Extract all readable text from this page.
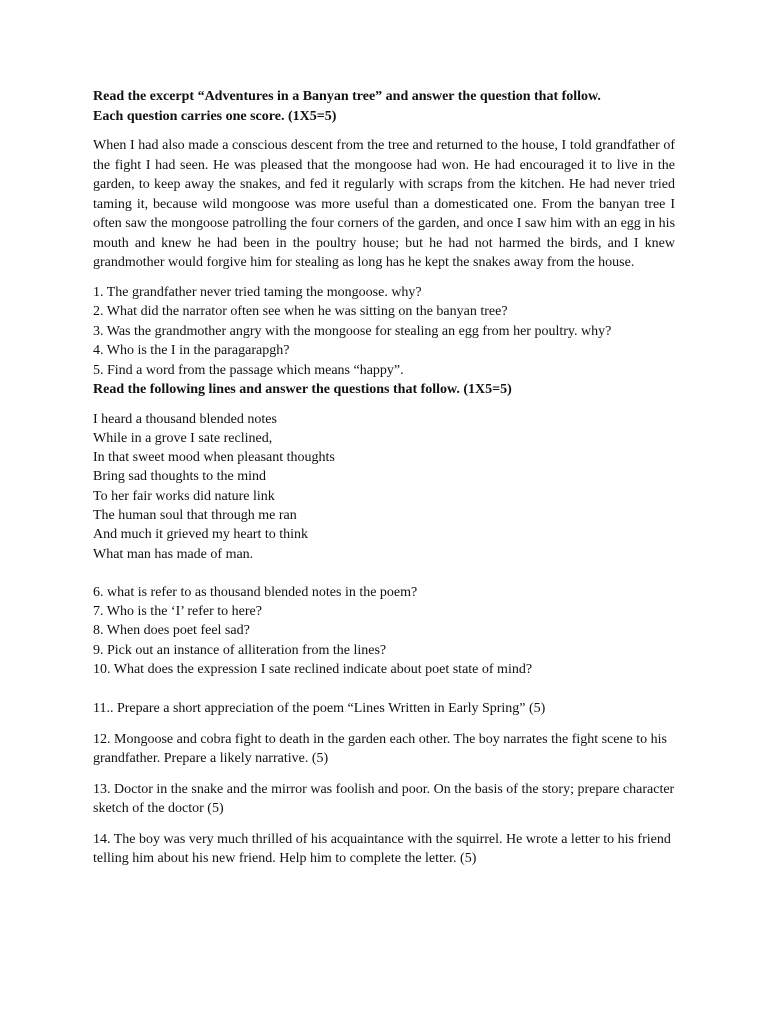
Read the excerpt “Adventures in a Banyan tree” and answer the question that follow.
Each question carries one score. (1X5=5)
When I had also made a conscious descent from the tree and returned to the house, I told grandfather of the fight I had seen. He was pleased that the mongoose had won. He had encouraged it to live in the garden, to keep away the snakes, and fed it regularly with scraps from the kitchen. He had never tried taming it, because wild mongoose was more useful than a domesticated one. From the banyan tree I often saw the mongoose patrolling the four corners of the garden, and once I saw him with an egg in his mouth and knew he had been in the poultry house; but he had not harmed the birds, and I knew grandmother would forgive him for stealing as long has he kept the snakes away from the house.
1. The grandfather never tried taming the mongoose. why?
2. What did the narrator often see when he was sitting on the banyan tree?
3. Was the grandmother angry with the mongoose for stealing an egg from her poultry. why?
4. Who is the I in the paragarapgh?
5. Find a word from the passage which means “happy”.
Read the following lines and answer the questions that follow. (1X5=5)
I heard a thousand blended notes
While in a grove I sate reclined,
In that sweet mood when pleasant thoughts
Bring sad thoughts to the mind
To her fair works did nature link
The human soul that through me ran
And much it grieved my heart to think
What man has made of man.
6. what is refer to as thousand blended notes in the poem?
7. Who is the ‘I’ refer to here?
8. When does poet feel sad?
9. Pick out an instance of alliteration from the lines?
10. What does the expression I sate reclined indicate about poet state of mind?
11.. Prepare a short appreciation of the poem “Lines Written in Early Spring” (5)
12. Mongoose and cobra fight to death in the garden each other. The boy narrates the fight scene to his grandfather. Prepare a likely narrative. (5)
13. Doctor in the snake and the mirror was foolish and poor. On the basis of the story; prepare character sketch of the doctor (5)
14. The boy was very much thrilled of his acquaintance with the squirrel. He wrote a letter to his friend telling him about his new friend. Help him to complete the letter. (5)
